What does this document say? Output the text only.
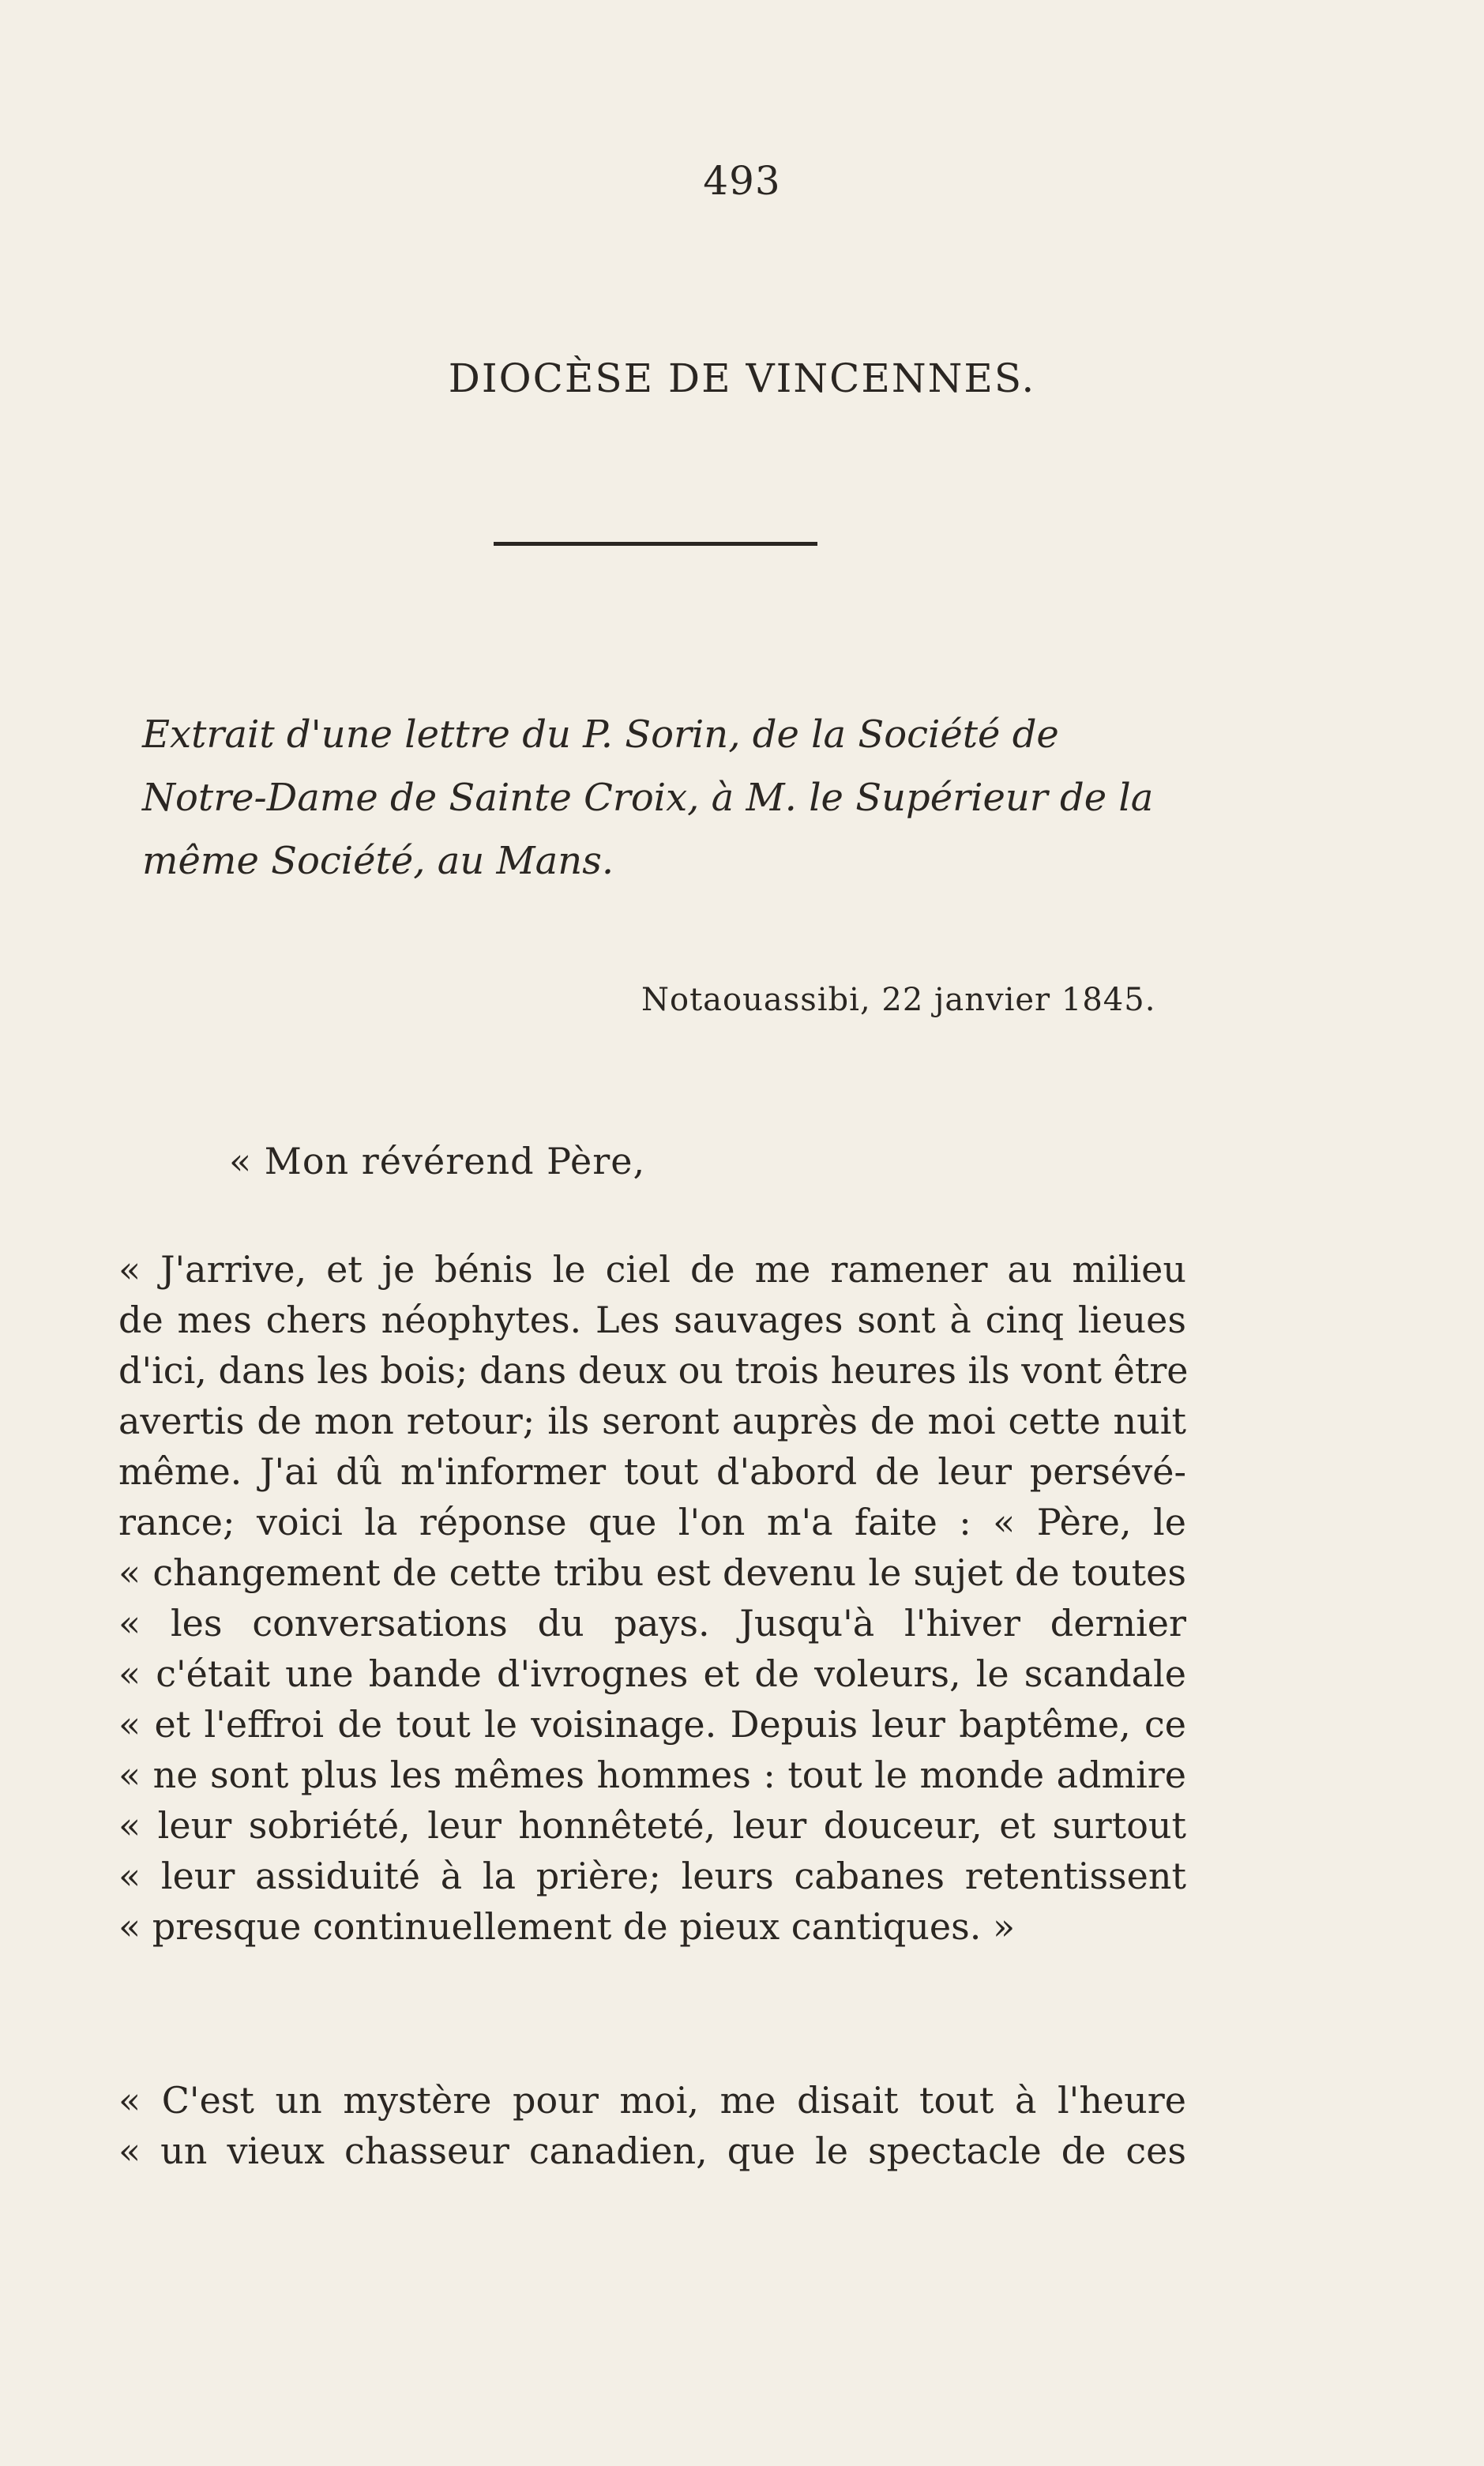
493
DIOCÈSE DE VINCENNES.
Extrait d'une lettre du P. Sorin, de la Société de
Notre-Dame de Sainte Croix, à M. le Supérieur de la
même Société, au Mans.
Notaouassibi, 22 janvier 1845.
« Mon révérend Père,
« J'arrive, et je bénis le ciel de me ramener au milieu
de mes chers néophytes. Les sauvages sont à cinq lieues
d'ici, dans les bois; dans deux ou trois heures ils vont être
avertis de mon retour; ils seront auprès de moi cette nuit
même. J'ai dû m'informer tout d'abord de leur persévé-
rance; voici la réponse que l'on m'a faite : « Père, le
« changement de cette tribu est devenu le sujet de toutes
« les conversations du pays. Jusqu'à l'hiver dernier
« c'était une bande d'ivrognes et de voleurs, le scandale
« et l'effroi de tout le voisinage. Depuis leur baptême, ce
« ne sont plus les mêmes hommes : tout le monde admire
« leur sobriété, leur honnêteté, leur douceur, et surtout
« leur assiduité à la prière; leurs cabanes retentissent
« presque continuellement de pieux cantiques. »
« C'est un mystère pour moi, me disait tout à l'heure
« un vieux chasseur canadien, que le spectacle de ces
